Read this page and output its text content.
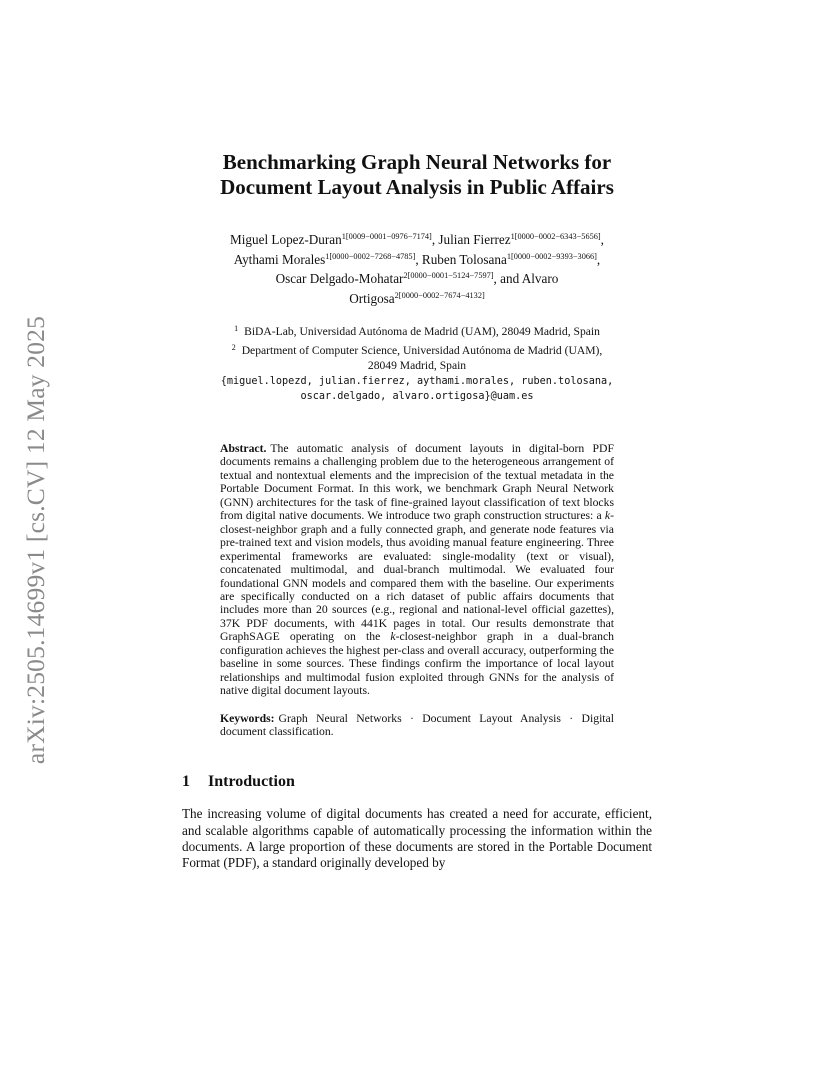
arXiv:2505.14699v1 [cs.CV] 12 May 2025
Benchmarking Graph Neural Networks for
Document Layout Analysis in Public Affairs
Miguel Lopez-Duran$^{1[0009-0001-0976-7174]}$, Julian Fierrez$^{1[0000-0002-6343-5656]}$,
Aythami Morales$^{1[0000-0002-7268-4785]}$, Ruben Tolosana$^{1[0000-0002-9393-3066]}$,
Oscar Delgado-Mohatar$^{2[0000-0001-5124-7597]}$, and Alvaro
Ortigosa$^{2[0000-0002-7674-4132]}$
$^1$ BiDA-Lab, Universidad Autónoma de Madrid (UAM), 28049 Madrid, Spain
$^2$ Department of Computer Science, Universidad Autónoma de Madrid (UAM),
28049 Madrid, Spain
{miguel.lopezd, julian.fierrez, aythami.morales, ruben.tolosana,
oscar.delgado, alvaro.ortigosa}@uam.es
Abstract. The automatic analysis of document layouts in digital-born PDF documents remains a challenging problem due to the heterogeneous arrangement of textual and nontextual elements and the imprecision of the textual metadata in the Portable Document Format. In this work, we benchmark Graph Neural Network (GNN) architectures for the task of fine-grained layout classification of text blocks from digital native documents. We introduce two graph construction structures: a k-closest-neighbor graph and a fully connected graph, and generate node features via pre-trained text and vision models, thus avoiding manual feature engineering. Three experimental frameworks are evaluated: single-modality (text or visual), concatenated multimodal, and dual-branch multimodal. We evaluated four foundational GNN models and compared them with the baseline. Our experiments are specifically conducted on a rich dataset of public affairs documents that includes more than 20 sources (e.g., regional and national-level official gazettes), 37K PDF documents, with 441K pages in total. Our results demonstrate that GraphSAGE operating on the k-closest-neighbor graph in a dual-branch configuration achieves the highest per-class and overall accuracy, outperforming the baseline in some sources. These findings confirm the importance of local layout relationships and multimodal fusion exploited through GNNs for the analysis of native digital document layouts.
Keywords: Graph Neural Networks · Document Layout Analysis · Digital document classification.
1 Introduction
The increasing volume of digital documents has created a need for accurate, efficient, and scalable algorithms capable of automatically processing the information within the documents. A large proportion of these documents are stored in the Portable Document Format (PDF), a standard originally developed by
